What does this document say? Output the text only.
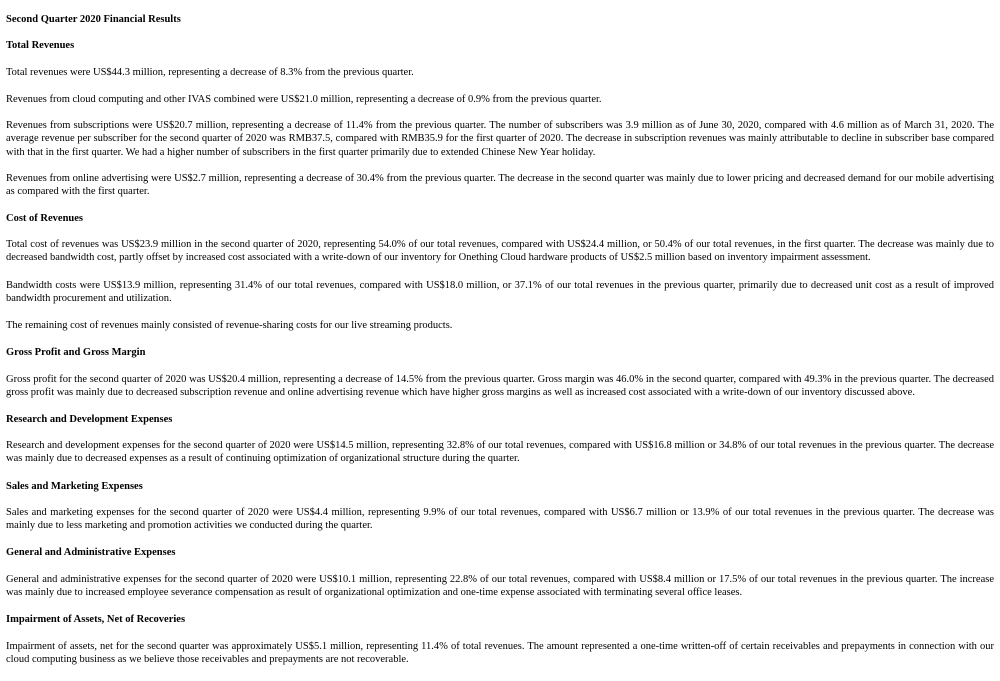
Second Quarter 2020 Financial Results
Total Revenues

Total revenues were US$44.3 million, representing a decrease of 8.3% from the previous quarter.

Revenues from cloud computing and other IVAS combined were US$21.0 million, representing a decrease of 0.9% from the previous quarter.

Revenues from subscriptions were US$20.7 million, representing a decrease of 11.4% from the previous quarter. The number of subscribers was 3.9 million as of June 30, 2020, compared with 4.6 million as of March 31, 2020. The average revenue per subscriber for the second quarter of 2020 was RMB37.5, compared with RMB35.9 for the first quarter of 2020. The decrease in subscription revenues was mainly attributable to decline in subscriber base compared with that in the first quarter. We had a higher number of subscribers in the first quarter primarily due to extended Chinese New Year holiday.

Revenues from online advertising were US$2.7 million, representing a decrease of 30.4% from the previous quarter. The decrease in the second quarter was mainly due to lower pricing and decreased demand for our mobile advertising as compared with the first quarter.

Cost of Revenues

Total cost of revenues was US$23.9 million in the second quarter of 2020, representing 54.0% of our total revenues, compared with US$24.4 million, or 50.4% of our total revenues, in the first quarter. The decrease was mainly due to decreased bandwidth cost, partly offset by increased cost associated with a write-down of our inventory for Onething Cloud hardware products of US$2.5 million based on inventory impairment assessment.

Bandwidth costs were US$13.9 million, representing 31.4% of our total revenues, compared with US$18.0 million, or 37.1% of our total revenues in the previous quarter, primarily due to decreased unit cost as a result of improved bandwidth procurement and utilization.

The remaining cost of revenues mainly consisted of revenue-sharing costs for our live streaming products.

Gross Profit and Gross Margin

Gross profit for the second quarter of 2020 was US$20.4 million, representing a decrease of 14.5% from the previous quarter. Gross margin was 46.0% in the second quarter, compared with 49.3% in the previous quarter. The decreased gross profit was mainly due to decreased subscription revenue and online advertising revenue which have higher gross margins as well as increased cost associated with a write-down of our inventory discussed above.

Research and Development Expenses

Research and development expenses for the second quarter of 2020 were US$14.5 million, representing 32.8% of our total revenues, compared with US$16.8 million or 34.8% of our total revenues in the previous quarter. The decrease was mainly due to decreased expenses as a result of continuing optimization of organizational structure during the quarter.

Sales and Marketing Expenses

Sales and marketing expenses for the second quarter of 2020 were US$4.4 million, representing 9.9% of our total revenues, compared with US$6.7 million or 13.9% of our total revenues in the previous quarter. The decrease was mainly due to less marketing and promotion activities we conducted during the quarter.

General and Administrative Expenses

General and administrative expenses for the second quarter of 2020 were US$10.1 million, representing 22.8% of our total revenues, compared with US$8.4 million or 17.5% of our total revenues in the previous quarter. The increase was mainly due to increased employee severance compensation as result of organizational optimization and one-time expense associated with terminating several office leases.

Impairment of Assets, Net of Recoveries

Impairment of assets, net for the second quarter was approximately US$5.1 million, representing 11.4% of total revenues. The amount represented a one-time written-off of certain receivables and prepayments in connection with our cloud computing business as we believe those receivables and prepayments are not recoverable.
